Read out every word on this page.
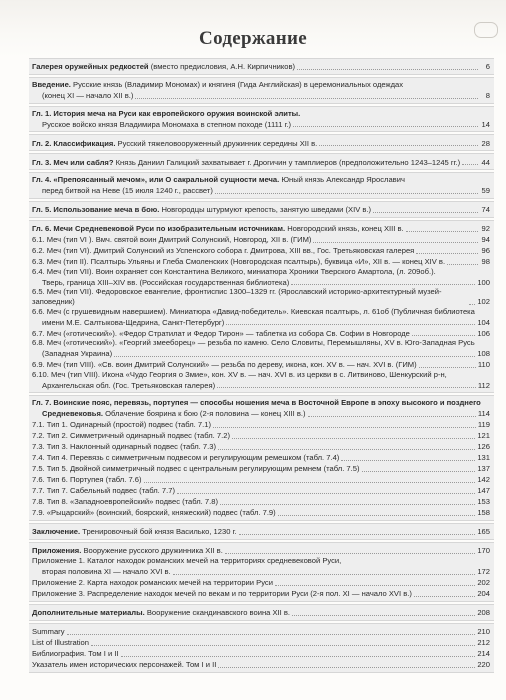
Содержание
Галерея оружейных редкостей (вместо предисловия, А.Н. Кирпичников)	6
Введение. Русские князь (Владимир Мономах) и княгиня (Гида Английская) в церемониальных одеждах
(конец XI — начало XII в.)	8
Гл. 1. История меча на Руси как европейского оружия воинской элиты.
Русское войско князя Владимира Мономаха в степном походе (1111 г.)	14
Гл. 2. Классификация. Русский тяжеловооруженный дружинник середины XII в.	28
Гл. 3. Меч или сабля? Князь Даниил Галицкий захватывает г. Дрогичин у тамплиеров (предположительно 1243–1245 гг.)	44
Гл. 4. «Препоясанный мечом», или О сакральной сущности меча. Юный князь Александр Ярославич
перед битвой на Неве (15 июля 1240 г., рассвет)	59
Гл. 5. Использование меча в бою. Новгородцы штурмуют крепость, занятую шведами (XIV в.)	74
Гл. 6. Мечи Средневековой Руси по изобразительным источникам. Новгородский князь, конец XIII в.	92
6.1. Меч (тип VI ). Вмч. святой воин Дмитрий Солунский, Новгород, XII в. (ГИМ)	94
6.2. Меч (тип VI). Дмитрий Солунский из Успенского собора г. Дмитрова, XIII вв., Гос. Третьяковская галерея	96
6.3. Меч (тип II). Псалтырь Ульяны и Глеба Смоленских (Новгородская псалтырь), буквица «И», XII в. — конец XIV в.	98
6.4. Меч (тип VII). Воин охраняет сон Константина Великого, миниатюра Хроники Тверского Амартола, (л. 209об.).
Тверь, граница XIII–XIV вв. (Российская государственная библиотека)	100
6.5. Меч (тип VII). Федоровское евангелие, фронтиспис 1300–1329 гг. (Ярославский историко-архитектурный музей-заповедник)	102
6.6. Меч (с грушевидным навершием). Миниатюра «Давид-победитель». Киевская псалтырь, л. 61об (Публичная библиотека
имени М.Е. Салтыкова-Щедрина, Санкт-Петербург)	104
6.7. Меч («готический»). «Федор Стратилат и Федор Тирон» — таблетка из собора Св. Софии в Новгороде	106
6.8. Меч («готический»). «Георгий змееборец» — резьба по камню. Село Словиты, Перемышляны, XV в. Юго-Западная Русь
(Западная Украина)	108
6.9. Меч (тип VIII). «Св. воин Дмитрий Солунский» — резьба по дереву, икона, кон. XV в. — нач. XVI в. (ГИМ)	110
6.10. Меч (тип VIII). Икона «Чудо Георгия о Змие», кон. XV в. — нач. XVI в. из церкви в с. Литвиново, Шенкурский р-н,
Архангельская обл. (Гос. Третьяковская галерея)	112
Гл. 7. Воинские пояс, перевязь, портупея — способы ношения меча в Восточной Европе в эпоху высокого и позднего
Средневековья. Облачение боярина к бою (2-я половина — конец XIII в.)	114
7.1. Тип 1. Одинарный (простой) подвес (табл. 7.1)	119
7.2. Тип 2. Симметричный одинарный подвес (табл. 7.2)	121
7.3. Тип 3. Наклонный одинарный подвес (табл. 7.3)	126
7.4. Тип 4. Перевязь с симметричным подвесом и регулирующим ремешком (табл. 7.4)	131
7.5. Тип 5. Двойной симметричный подвес с центральным регулирующим ремнем (табл. 7.5)	137
7.6. Тип 6. Портупея (табл. 7.6)	142
7.7. Тип 7. Сабельный подвес (табл. 7.7)	147
7.8. Тип 8. «Западноевропейский» подвес (табл. 7.8)	153
7.9. «Рыцарский» (воинский, боярский, княжеский) подвес (табл. 7.9)	158
Заключение. Тренировочный бой князя Василько, 1230 г.	165
Приложения. Вооружение русского дружинника XII в.	170
Приложение 1. Каталог находок романских мечей на территориях средневековой Руси,
вторая половина XI — начало XVI в.	172
Приложение 2. Карта находок романских мечей на территории Руси	202
Приложение 3. Распределение находок мечей по векам и по территории Руси (2-я пол. XI — начало XVI в.)	204
Дополнительные материалы. Вооружение скандинавского воина XII в.	208
Summary	210
List of Illustration	212
Библиография. Том I и II	214
Указатель имен исторических персонажей. Том I и II	220
